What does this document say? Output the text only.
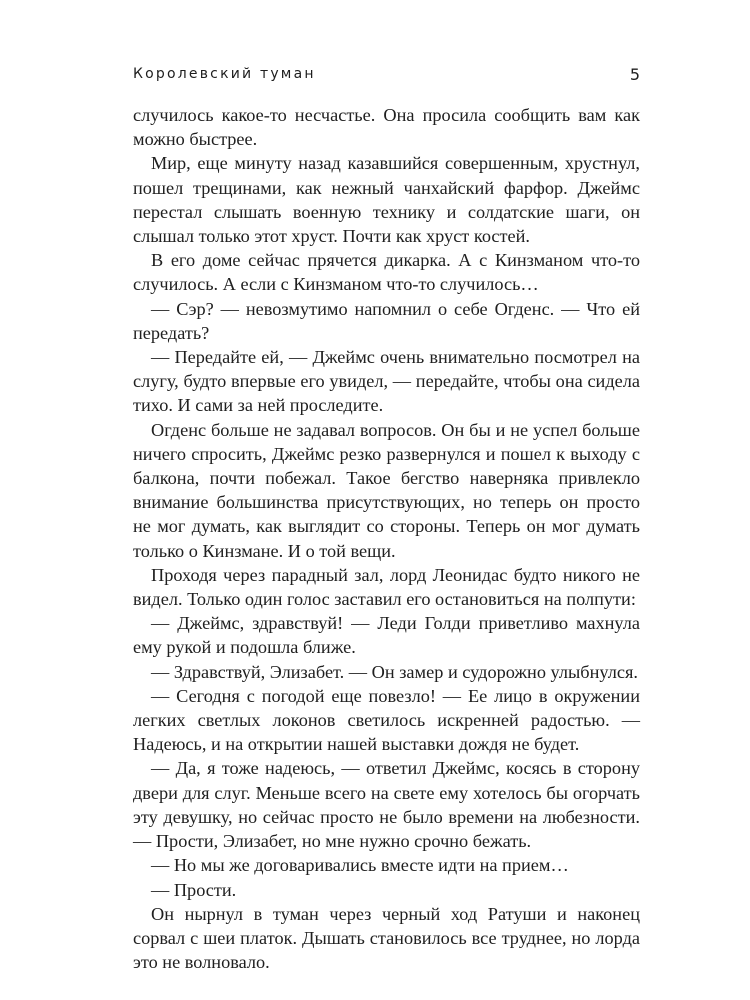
Королевский туман	5

случилось какое-то несчастье. Она просила сообщить вам как можно быстрее.

Мир, еще минуту назад казавшийся совершенным, хрустнул, пошел трещинами, как нежный чанхайский фарфор. Джеймс перестал слышать военную технику и солдатские шаги, он слышал только этот хруст. Почти как хруст костей.

В его доме сейчас прячется дикарка. А с Кинзманом что-то случилось. А если с Кинзманом что-то случилось…

— Сэр? — невозмутимо напомнил о себе Огденс. — Что ей передать?

— Передайте ей, — Джеймс очень внимательно посмотрел на слугу, будто впервые его увидел, — передайте, чтобы она сидела тихо. И сами за ней проследите.

Огденс больше не задавал вопросов. Он бы и не успел больше ничего спросить, Джеймс резко развернулся и пошел к выходу с балкона, почти побежал. Такое бегство наверняка привлекло внимание большинства присутствующих, но теперь он просто не мог думать, как выглядит со стороны. Теперь он мог думать только о Кинзмане. И о той вещи.

Проходя через парадный зал, лорд Леонидас будто никого не видел. Только один голос заставил его остановиться на полпути:

— Джеймс, здравствуй! — Леди Голди приветливо махнула ему рукой и подошла ближе.

— Здравствуй, Элизабет. — Он замер и судорожно улыбнулся.

— Сегодня с погодой еще повезло! — Ее лицо в окружении легких светлых локонов светилось искренней радостью. — Надеюсь, и на открытии нашей выставки дождя не будет.

— Да, я тоже надеюсь, — ответил Джеймс, косясь в сторону двери для слуг. Меньше всего на свете ему хотелось бы огорчать эту девушку, но сейчас просто не было времени на любезности. — Прости, Элизабет, но мне нужно срочно бежать.

— Но мы же договаривались вместе идти на прием…

— Прости.

Он нырнул в туман через черный ход Ратуши и наконец сорвал с шеи платок. Дышать становилось все труднее, но лорда это не волновало.
